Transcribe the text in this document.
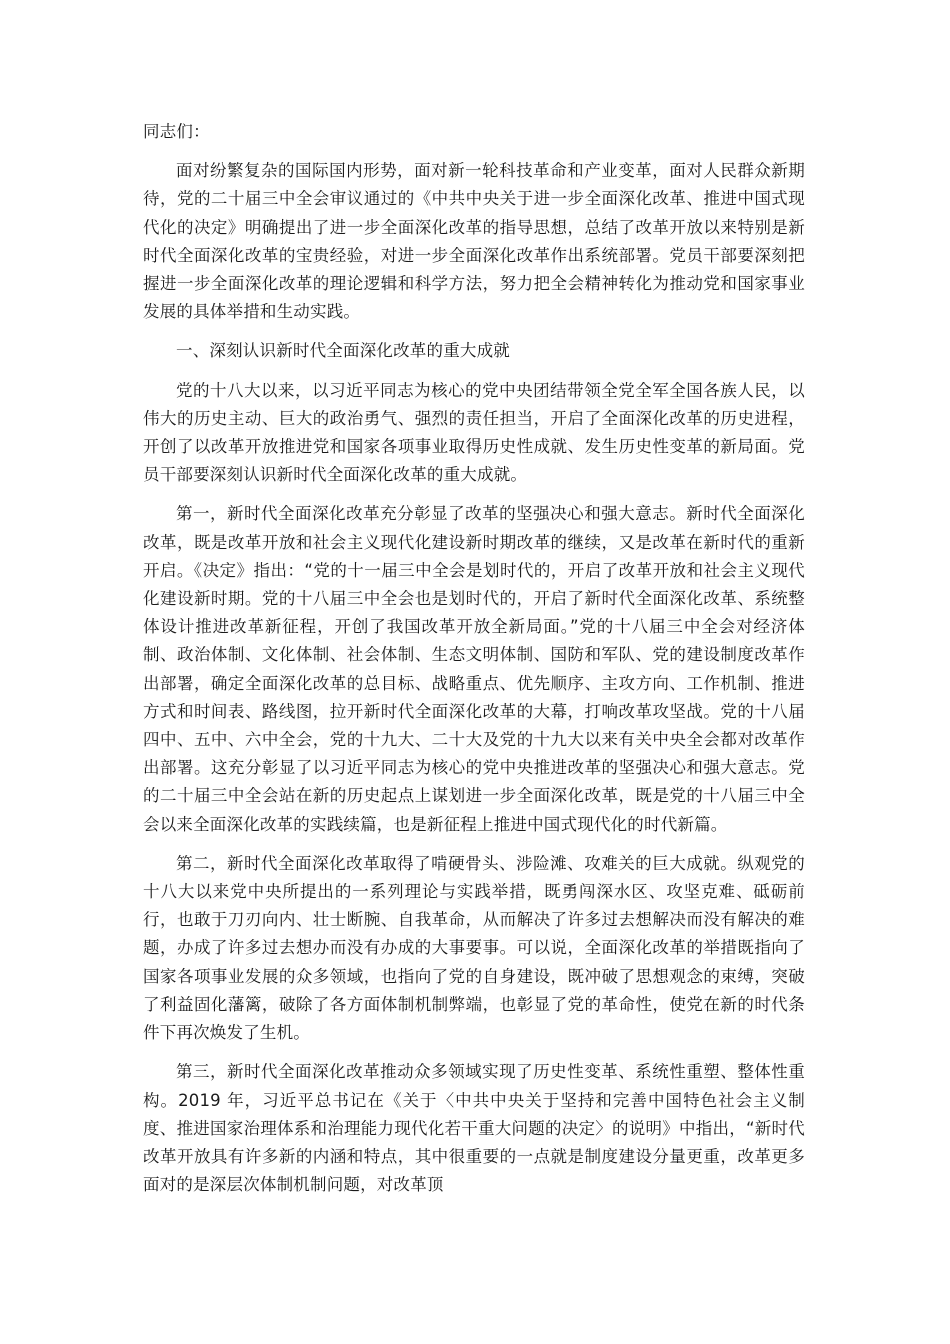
同志们：

面对纷繁复杂的国际国内形势，面对新一轮科技革命和产业变革，面对人民群众新期待，党的二十届三中全会审议通过的《中共中央关于进一步全面深化改革、推进中国式现代化的决定》明确提出了进一步全面深化改革的指导思想，总结了改革开放以来特别是新时代全面深化改革的宝贵经验，对进一步全面深化改革作出系统部署。党员干部要深刻把握进一步全面深化改革的理论逻辑和科学方法，努力把全会精神转化为推动党和国家事业发展的具体举措和生动实践。

一、深刻认识新时代全面深化改革的重大成就

党的十八大以来，以习近平同志为核心的党中央团结带领全党全军全国各族人民，以伟大的历史主动、巨大的政治勇气、强烈的责任担当，开启了全面深化改革的历史进程，开创了以改革开放推进党和国家各项事业取得历史性成就、发生历史性变革的新局面。党员干部要深刻认识新时代全面深化改革的重大成就。

第一，新时代全面深化改革充分彰显了改革的坚强决心和强大意志。新时代全面深化改革，既是改革开放和社会主义现代化建设新时期改革的继续，又是改革在新时代的重新开启。《决定》指出：“党的十一届三中全会是划时代的，开启了改革开放和社会主义现代化建设新时期。党的十八届三中全会也是划时代的，开启了新时代全面深化改革、系统整体设计推进改革新征程，开创了我国改革开放全新局面。”党的十八届三中全会对经济体制、政治体制、文化体制、社会体制、生态文明体制、国防和军队、党的建设制度改革作出部署，确定全面深化改革的总目标、战略重点、优先顺序、主攻方向、工作机制、推进方式和时间表、路线图，拉开新时代全面深化改革的大幕，打响改革攻坚战。党的十八届四中、五中、六中全会，党的十九大、二十大及党的十九大以来有关中央全会都对改革作出部署。这充分彰显了以习近平同志为核心的党中央推进改革的坚强决心和强大意志。党的二十届三中全会站在新的历史起点上谋划进一步全面深化改革，既是党的十八届三中全会以来全面深化改革的实践续篇，也是新征程上推进中国式现代化的时代新篇。

第二，新时代全面深化改革取得了啃硬骨头、涉险滩、攻难关的巨大成就。纵观党的十八大以来党中央所提出的一系列理论与实践举措，既勇闯深水区、攻坚克难、砥砺前行，也敢于刀刃向内、壮士断腕、自我革命，从而解决了许多过去想解决而没有解决的难题，办成了许多过去想办而没有办成的大事要事。可以说，全面深化改革的举措既指向了国家各项事业发展的众多领域，也指向了党的自身建设，既冲破了思想观念的束缚，突破了利益固化藩篱，破除了各方面体制机制弊端，也彰显了党的革命性，使党在新的时代条件下再次焕发了生机。

第三，新时代全面深化改革推动众多领域实现了历史性变革、系统性重塑、整体性重构。2019 年，习近平总书记在《关于〈中共中央关于坚持和完善中国特色社会主义制度、推进国家治理体系和治理能力现代化若干重大问题的决定〉的说明》中指出，“新时代改革开放具有许多新的内涵和特点，其中很重要的一点就是制度建设分量更重，改革更多面对的是深层次体制机制问题，对改革顶
